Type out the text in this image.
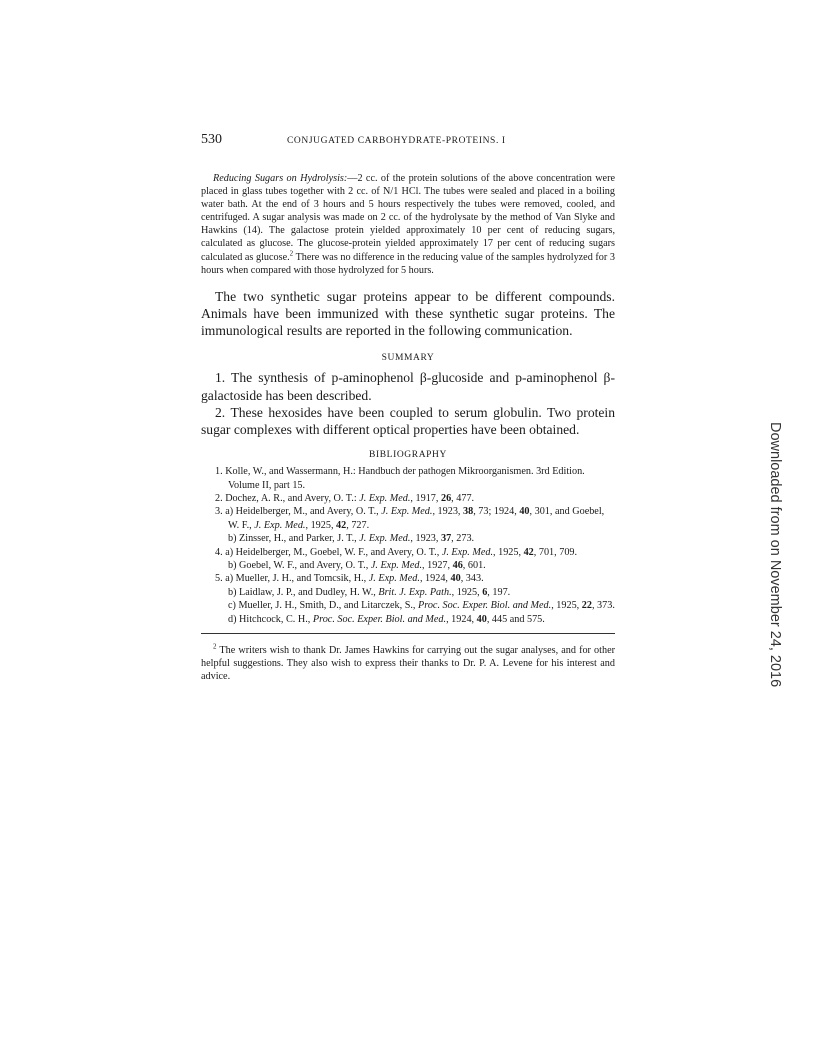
530	CONJUGATED CARBOHYDRATE-PROTEINS. I

Reducing Sugars on Hydrolysis:—2 cc. of the protein solutions of the above concentration were placed in glass tubes together with 2 cc. of N/1 HCl. The tubes were sealed and placed in a boiling water bath. At the end of 3 hours and 5 hours respectively the tubes were removed, cooled, and centrifuged. A sugar analysis was made on 2 cc. of the hydrolysate by the method of Van Slyke and Hawkins (14). The galactose protein yielded approximately 10 per cent of reducing sugars, calculated as glucose. The glucose-protein yielded approximately 17 per cent of reducing sugars calculated as glucose.$^2$ There was no difference in the reducing value of the samples hydrolyzed for 3 hours when compared with those hydrolyzed for 5 hours.

The two synthetic sugar proteins appear to be different compounds. Animals have been immunized with these synthetic sugar proteins. The immunological results are reported in the following communication.

SUMMARY

1. The synthesis of p-aminophenol β-glucoside and p-aminophenol β-galactoside has been described.

2. These hexosides have been coupled to serum globulin. Two protein sugar complexes with different optical properties have been obtained.

BIBLIOGRAPHY
1. Kolle, W., and Wassermann, H.: Handbuch der pathogen Mikroorganismen. 3rd Edition. Volume II, part 15.
2. Dochez, A. R., and Avery, O. T.: J. Exp. Med., 1917, 26, 477.
3. a) Heidelberger, M., and Avery, O. T., J. Exp. Med., 1923, 38, 73; 1924, 40, 301, and Goebel, W. F., J. Exp. Med., 1925, 42, 727.
b) Zinsser, H., and Parker, J. T., J. Exp. Med., 1923, 37, 273.
4. a) Heidelberger, M., Goebel, W. F., and Avery, O. T., J. Exp. Med., 1925, 42, 701, 709.
b) Goebel, W. F., and Avery, O. T., J. Exp. Med., 1927, 46, 601.
5. a) Mueller, J. H., and Tomcsik, H., J. Exp. Med., 1924, 40, 343.
b) Laidlaw, J. P., and Dudley, H. W., Brit. J. Exp. Path., 1925, 6, 197.
c) Mueller, J. H., Smith, D., and Litarczek, S., Proc. Soc. Exper. Biol. and Med., 1925, 22, 373.
d) Hitchcock, C. H., Proc. Soc. Exper. Biol. and Med., 1924, 40, 445 and 575.

$^2$ The writers wish to thank Dr. James Hawkins for carrying out the sugar analyses, and for other helpful suggestions. They also wish to express their thanks to Dr. P. A. Levene for his interest and advice.	Downloaded from on November 24, 2016
